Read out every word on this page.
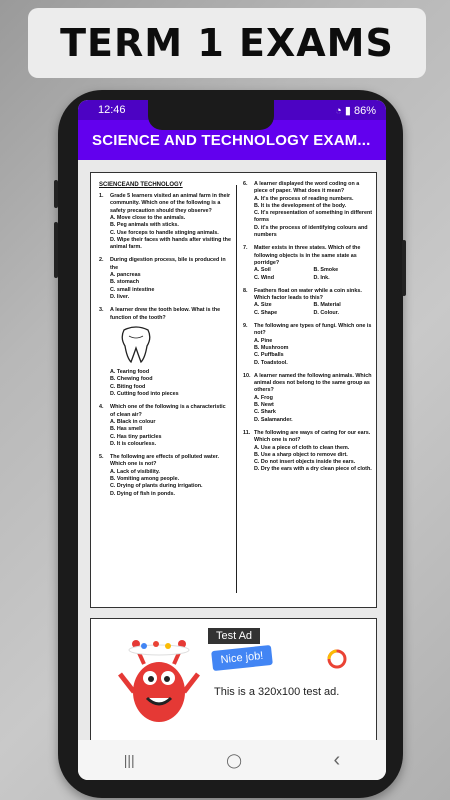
TERM 1 EXAMS
12:46	◔ ▮ 86%
SCIENCE AND TECHNOLOGY EXAM...
SCIENCEAND TECHNOLOGY
1.	Grade 5 learners visited an animal farm in their community. Which one of the following is a safety precaution should they observe?
A. Move close to the animals.
B. Peg animals with sticks.
C. Use forceps to handle stinging animals.
D. Wipe their faces with hands after visiting the animal farm.
2.	During digestion process, bile is produced in the
A. pancreas
B. stomach
C. small intestine
D. liver.
3.	A learner drew the tooth below. What is the function of the tooth?
A. Tearing food
B. Chewing food
C. Biting food
D. Cutting food into pieces
4.	Which one of the following is a characteristic of clean air?
A. Black in colour
B. Has smell
C. Has tiny particles
D. It is colourless.
5.	The following are effects of polluted water. Which one is not?
A. Lack of visibility.
B. Vomiting among people.
C. Drying of plants during irrigation.
D. Dying of fish in ponds.
6.	A learner displayed the word coding on a piece of paper. What does it mean?
A. It's the process of reading numbers.
B. It is the development of the body.
C. It's representation of something in different forms
D. it's the process of identifying colours and numbers
7.	Matter exists in three states. Which of the following objects is in the same state as porridge?
A. Soil	B. Smoke
C. Wind	D. Ink.
8.	Feathers float on water while a coin sinks. Which factor leads to this?
A. Size	B. Material
C. Shape	D. Colour.
9.	The following are types of fungi. Which one is not?
A. Pine
B. Mushroom
C. Puffballs
D. Toadstool.
10. A learner named the following animals. Which animal does not belong to the same group as others?
A. Frog
B. Newt
C. Shark
D. Salamander.
11. The following are ways of caring for our ears. Which one is not?
A. Use a piece of cloth to clean them.
B. Use a sharp object to remove dirt.
C. Do not insert objects inside the ears.
D. Dry the ears with a dry clean piece of cloth.
Test Ad
Nice job!
This is a 320x100 test ad.
|||	◯	‹
